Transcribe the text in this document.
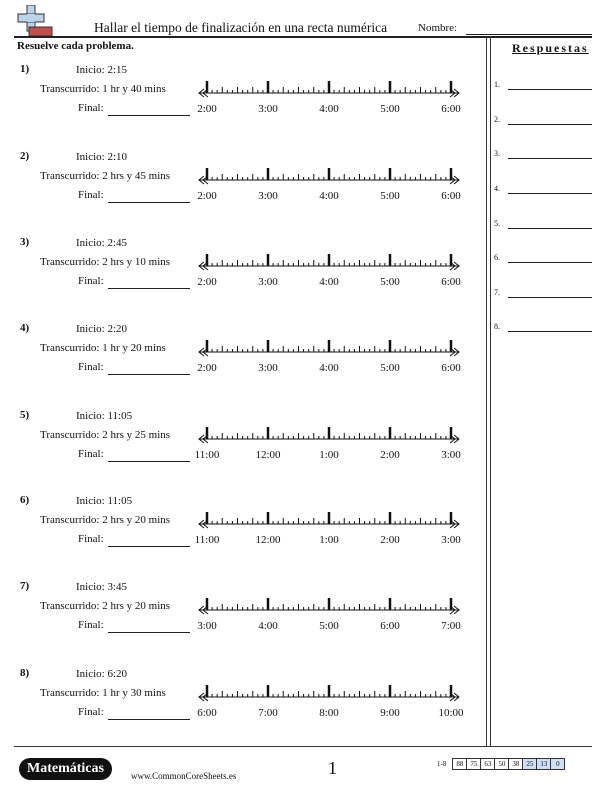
Hallar el tiempo de finalización en una recta numérica	Nombre:
Resuelve cada problema.
1)	Inicio: 2:15
Transcurrido: 1 hr y 40 mins
Final:	2:00	3:00	4:00	5:00	6:00
2)	Inicio: 2:10
Transcurrido: 2 hrs y 45 mins
Final:	2:00	3:00	4:00	5:00	6:00
3)	Inicio: 2:45
Transcurrido: 2 hrs y 10 mins
Final:	2:00	3:00	4:00	5:00	6:00
4)	Inicio: 2:20
Transcurrido: 1 hr y 20 mins
Final:	2:00	3:00	4:00	5:00	6:00
5)	Inicio: 11:05
Transcurrido: 2 hrs y 25 mins
Final:	11:00	12:00	1:00	2:00	3:00
6)	Inicio: 11:05
Transcurrido: 2 hrs y 20 mins
Final:	11:00	12:00	1:00	2:00	3:00
7)	Inicio: 3:45
Transcurrido: 2 hrs y 20 mins
Final:	3:00	4:00	5:00	6:00	7:00
8)	Inicio: 6:20
Transcurrido: 1 hr y 30 mins
Final:	6:00	7:00	8:00	9:00	10:00
Respuestas
1.
2.
3.
4.
5.
6.
7.
8.
Matemáticas	www.CommonCoreSheets.es	1	1-8	88	75	63	50	38	25	13	0
